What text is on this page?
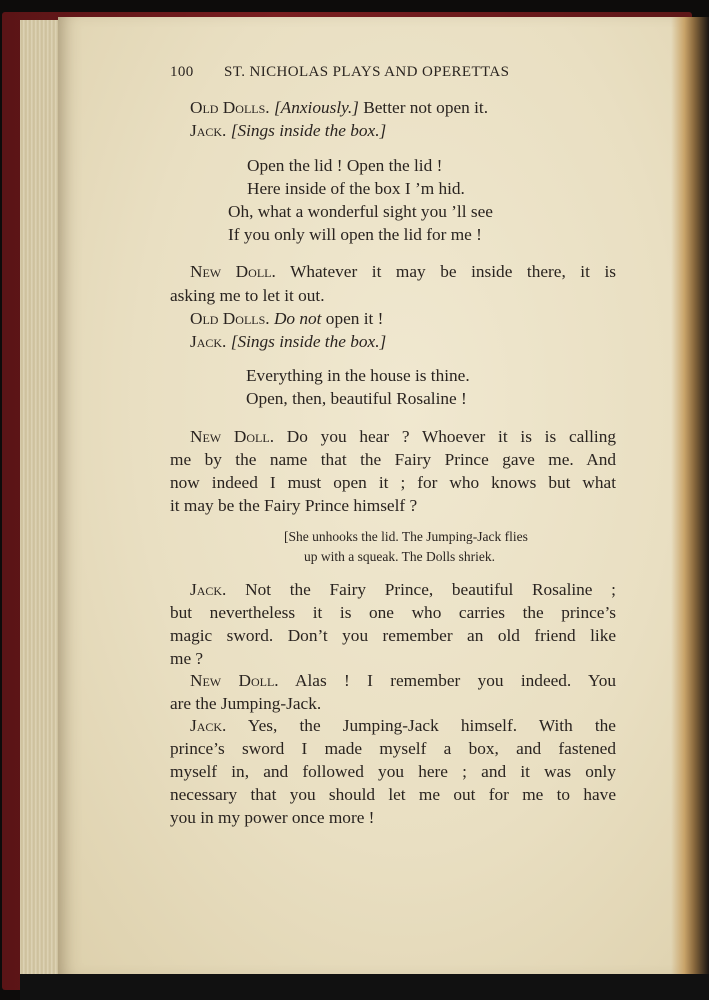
100 ST. NICHOLAS PLAYS AND OPERETTAS
Old Dolls. [Anxiously.] Better not open it.
Jack. [Sings inside the box.]
Open the lid ! Open the lid !
Here inside of the box I ’m hid.
Oh, what a wonderful sight you ’ll see
If you only will open the lid for me !
New Doll. Whatever it may be inside there, it is
asking me to let it out.
Old Dolls. Do not open it !
Jack. [Sings inside the box.]
Everything in the house is thine.
Open, then, beautiful Rosaline !
New Doll. Do you hear ? Whoever it is is calling
me by the name that the Fairy Prince gave me. And
now indeed I must open it ; for who knows but what
it may be the Fairy Prince himself ?
[She unhooks the lid. The Jumping-Jack flies
up with a squeak. The Dolls shriek.
Jack. Not the Fairy Prince, beautiful Rosaline ;
but nevertheless it is one who carries the prince’s
magic sword. Don’t you remember an old friend like
me ?
New Doll. Alas ! I remember you indeed. You
are the Jumping-Jack.
Jack. Yes, the Jumping-Jack himself. With the
prince’s sword I made myself a box, and fastened
myself in, and followed you here ; and it was only
necessary that you should let me out for me to have
you in my power once more !
